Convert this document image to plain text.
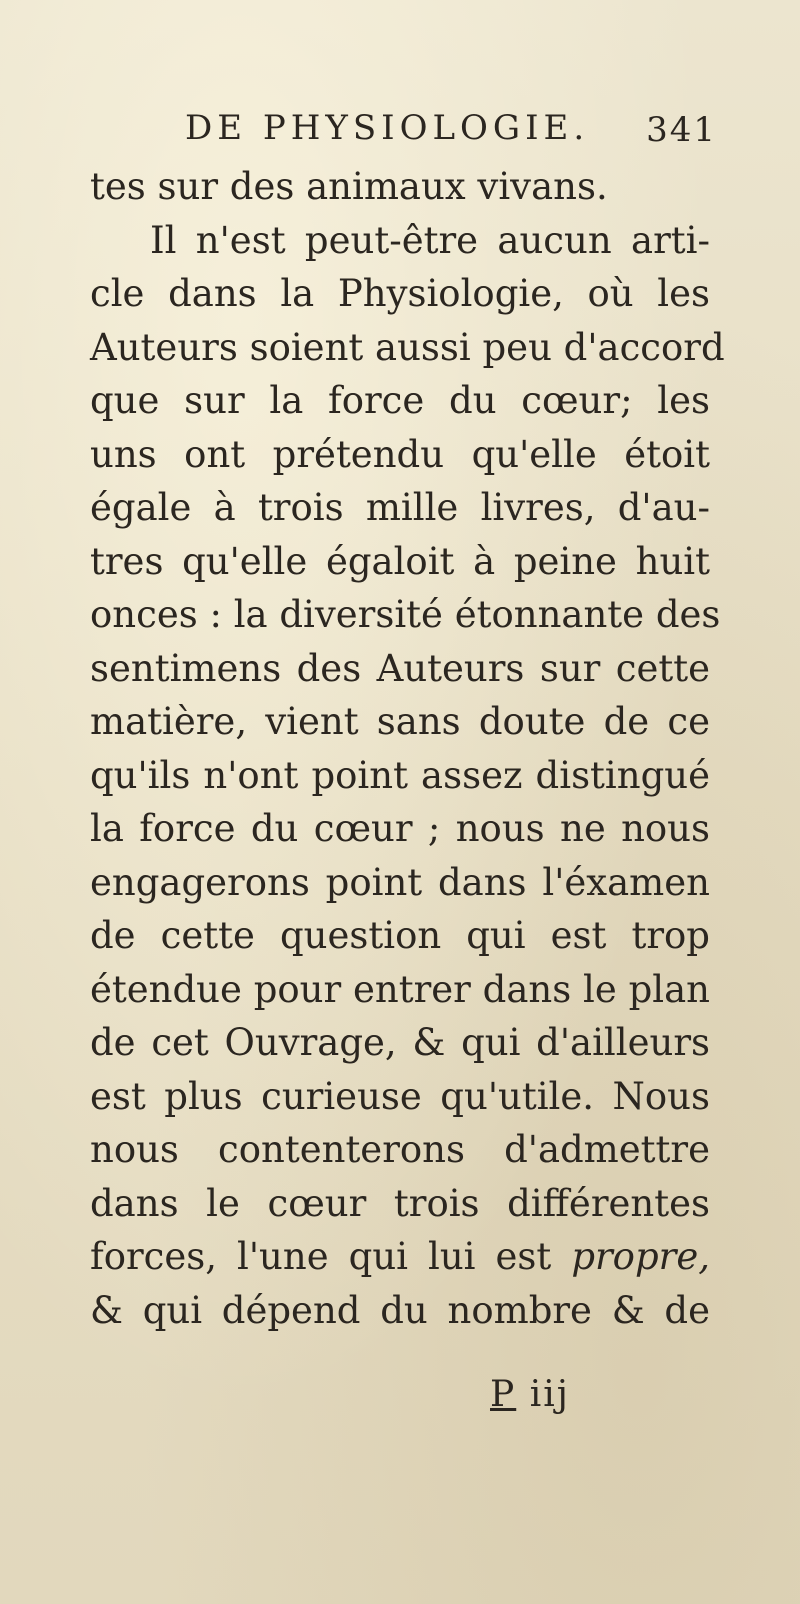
DE PHYSIOLOGIE. 341
tes sur des animaux vivans.
Il n'est peut-être aucun arti-
cle dans la Physiologie, où les
Auteurs soient aussi peu d'accord
que sur la force du cœur; les
uns ont prétendu qu'elle étoit
égale à trois mille livres, d'au-
tres qu'elle égaloit à peine huit
onces : la diversité étonnante des
sentimens des Auteurs sur cette
matière, vient sans doute de ce
qu'ils n'ont point assez distingué
la force du cœur ; nous ne nous
engagerons point dans l'éxamen
de cette question qui est trop
étendue pour entrer dans le plan
de cet Ouvrage, & qui d'ailleurs
est plus curieuse qu'utile. Nous
nous contenterons d'admettre
dans le cœur trois différentes
forces, l'une qui lui est propre,
& qui dépend du nombre & de
P iij
